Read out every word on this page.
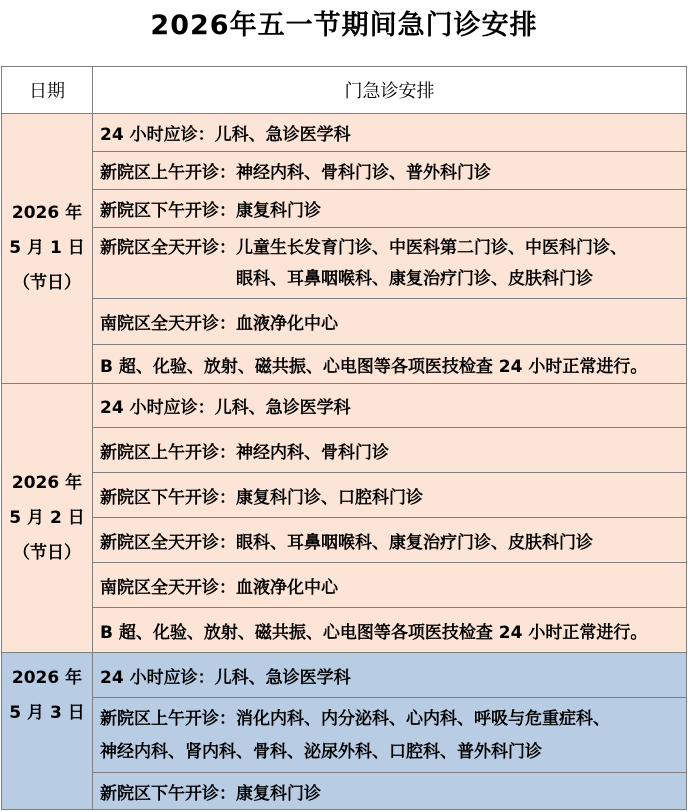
2026年五一节期间急门诊安排
日期	门急诊安排

2026 年
5 月 1 日
（节日）	24 小时应诊：儿科、急诊医学科
	新院区上午开诊：神经内科、骨科门诊、普外科门诊
	新院区下午开诊：康复科门诊

	新院区全天开诊： 儿童生长发育门诊、中医科第二门诊、中医科门诊、
眼科、耳鼻咽喉科、康复治疗门诊、皮肤科门诊

	南院区全天开诊：血液净化中心
	B 超、化验、放射、磁共振、心电图等各项医技检查 24 小时正常进行。

2026 年
5 月 2 日
（节日）	24 小时应诊：儿科、急诊医学科
	新院区上午开诊：神经内科、骨科门诊
	新院区下午开诊：康复科门诊、口腔科门诊
	新院区全天开诊：眼科、耳鼻咽喉科、康复治疗门诊、皮肤科门诊
	南院区全天开诊：血液净化中心
	B 超、化验、放射、磁共振、心电图等各项医技检查 24 小时正常进行。

2026 年
5 月 3 日	24 小时应诊：儿科、急诊医学科

	新院区上午开诊：消化内科、内分泌科、心内科、呼吸与危重症科、
神经内科、肾内科、骨科、泌尿外科、口腔科、普外科门诊

	新院区下午开诊：康复科门诊
